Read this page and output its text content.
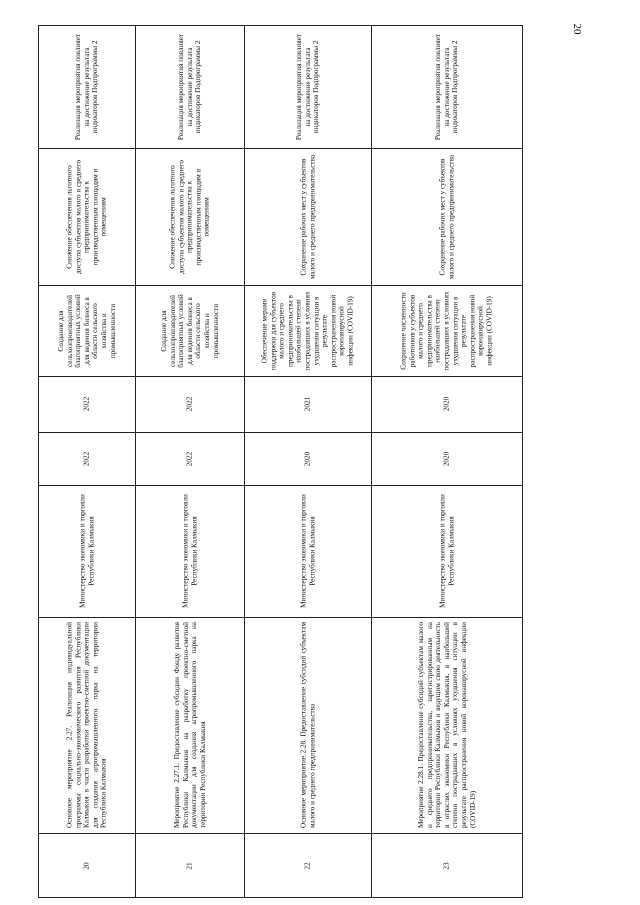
20
20
Основное мероприятие 2.27. Реализация индивидуальной программы социально-экономического развития Республики Калмыкия в части разработки проектно-сметной документации для создания агропромышленного парка на территории Республики Калмыкия
Министерство экономики и торговли Республики Калмыкия
2022
2022
Создание для сельхозпроизводителей благоприятных условий для ведения бизнеса в области сельского хозяйства и промышленности
Снижение обеспечения льготного доступа субъектов малого и среднего предпринимательства к производственным площадям и помещениям
Реализация мероприятия повлияет на достижение результата индикаторов Подпрограммы 2
21
Мероприятие 2.27.1. Предоставление субсидии Фонду развития Республики Калмыкия на разработку проектно-сметной документации для создания агропромышленного парка на территории Республики Калмыкия
Министерство экономики и торговли Республики Калмыкия
2022
2022
Создание для сельхозпроизводителей благоприятных условий для ведения бизнеса в области сельского хозяйства и промышленности
Снижение обеспечения льготного доступа субъектов малого и среднего предпринимательства к производственным площадям и помещениям
Реализация мероприятия повлияет на достижение результата индикаторов Подпрограммы 2
22
Основное мероприятие 2.28. Предоставление субсидий субъектам малого и среднего предпринимательства
Министерство экономики и торговли Республики Калмыкия
2020
2021
Обеспечение мерами поддержки для субъектов малого и среднего предпринимательства в наибольшей степени пострадавших в условиях ухудшения ситуации в результате распространения новой коронавирусной инфекции (COVID-19)
Сохранение рабочих мест у субъектов малого и среднего предпринимательства
Реализация мероприятия повлияет на достижение результата индикаторов Подпрограммы 2
23
Мероприятие 2.28.1. Предоставление субсидий субъектам малого и среднего предпринимательства, зарегистрированным на территории Республики Калмыкия и ведущим свою деятельность в отраслях экономики Республики Калмыкия, в наибольшей степени пострадавших в условиях ухудшения ситуации в результате распространения новой коронавирусной инфекции (COVID-19)
Министерство экономики и торговли Республики Калмыкия
2020
2020
Сохранение численности работников у субъектов малого и среднего предпринимательства в наибольшей степени пострадавших в условиях ухудшения ситуации в результате распространения новой коронавирусной инфекции (COVID-19)
Сохранение рабочих мест у субъектов малого и среднего предпринимательства
Реализация мероприятия повлияет на достижение результата индикаторов Подпрограммы 2
